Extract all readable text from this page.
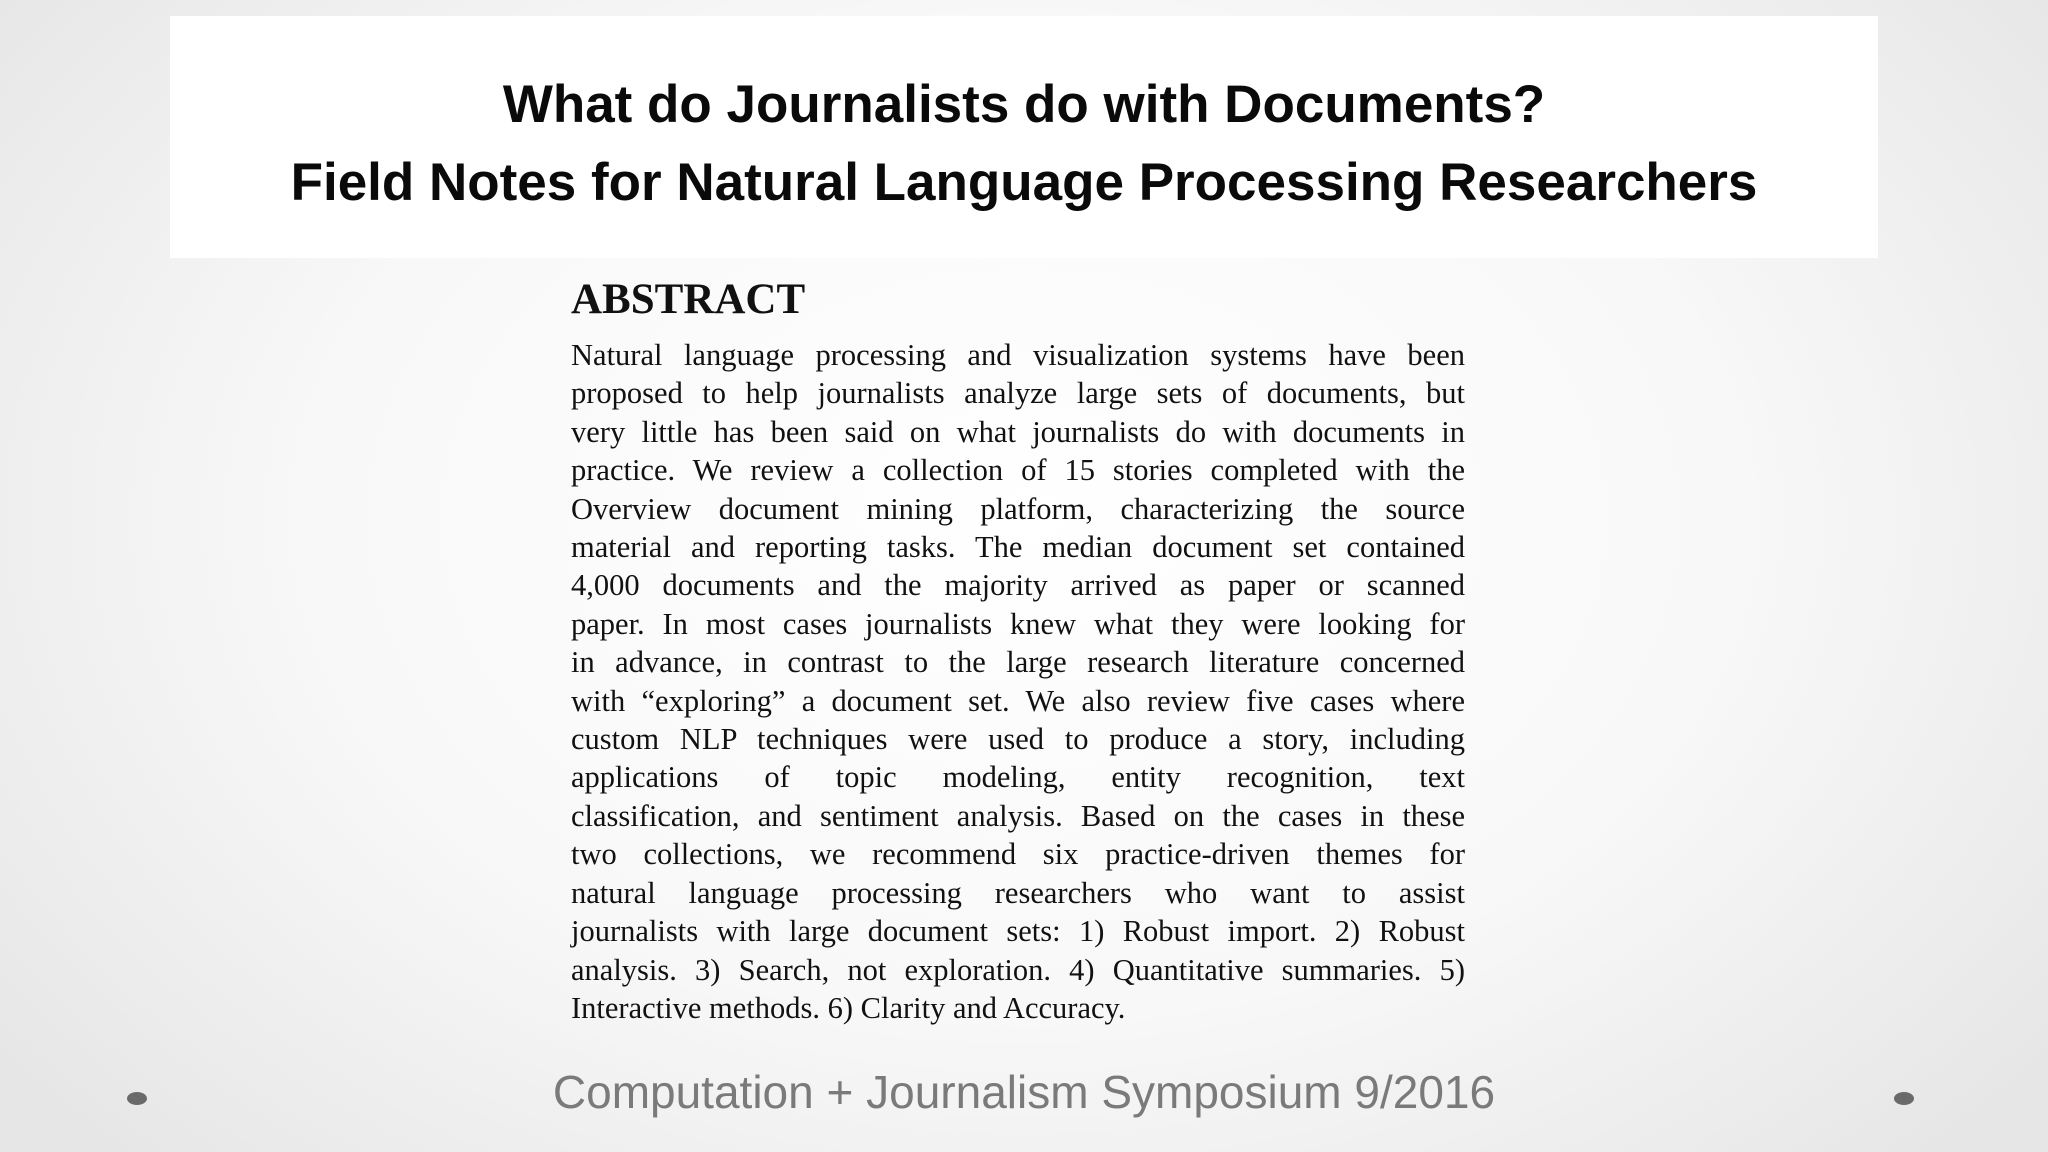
What do Journalists do with Documents?
Field Notes for Natural Language Processing Researchers
ABSTRACT
Natural language processing and visualization systems have been
proposed to help journalists analyze large sets of documents, but
very little has been said on what journalists do with documents in
practice. We review a collection of 15 stories completed with the
Overview document mining platform, characterizing the source
material and reporting tasks. The median document set contained
4,000 documents and the majority arrived as paper or scanned
paper. In most cases journalists knew what they were looking for
in advance, in contrast to the large research literature concerned
with “exploring” a document set. We also review five cases where
custom NLP techniques were used to produce a story, including
applications of topic modeling, entity recognition, text
classification, and sentiment analysis. Based on the cases in these
two collections, we recommend six practice-driven themes for
natural language processing researchers who want to assist
journalists with large document sets: 1) Robust import. 2) Robust
analysis. 3) Search, not exploration. 4) Quantitative summaries. 5)
Interactive methods. 6) Clarity and Accuracy.
Computation + Journalism Symposium 9/2016
